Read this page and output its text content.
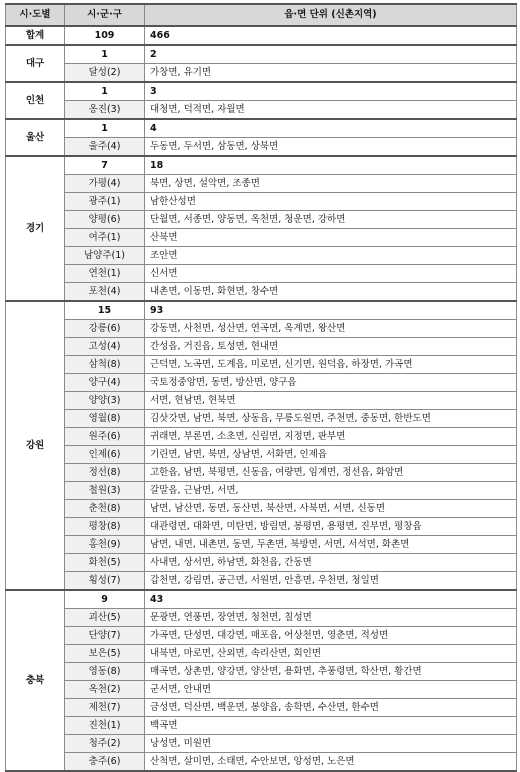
시·도별	시·군·구	읍·면 단위 (신촌지역)
합계	109	466
대구	1	2
	달성(2)	가창면, 유기면
인천	1	3
	옹진(3)	대청면, 덕적면, 자월면
울산	1	4
	울주(4)	두동면, 두서면, 삼동면, 상북면
경기	7	18
	가평(4)	북면, 상면, 설악면, 조종면
	광주(1)	남한산성면
	양평(6)	단월면, 서종면, 양동면, 옥천면, 청운면, 강하면
	여주(1)	산북면
	남양주(1)	조안면
	연천(1)	신서면
	포천(4)	내촌면, 이동면, 화현면, 창수면
강원	15	93
	강릉(6)	강동면, 사천면, 성산면, 연곡면, 옥계면, 왕산면
	고성(4)	간성읍, 거진읍, 토성면, 현내면
	삼척(8)	근덕면, 노곡면, 도계읍, 미로면, 신기면, 원덕읍, 하장면, 가곡면
	양구(4)	국토정중앙면, 동면, 방산면, 양구읍
	양양(3)	서면, 현남면, 현북면
	영월(8)	김삿갓면, 남면, 북면, 상동읍, 무릉도원면, 주천면, 중동면, 한반도면
	원주(6)	귀래면, 부론면, 소초면, 신림면, 지정면, 판부면
	인제(6)	기린면, 남면, 북면, 상남면, 서화면, 인제읍
	정선(8)	고한읍, 남면, 북평면, 신동읍, 여량면, 임계면, 정선읍, 화암면
	철원(3)	갈말읍, 근남면, 서면,
	춘천(8)	남면, 남산면, 동면, 동산면, 북산면, 사북면, 서면, 신동면
	평창(8)	대관령면, 대화면, 미탄면, 방림면, 봉평면, 용평면, 진부면, 평창읍
	홍천(9)	남면, 내면, 내촌면, 동면, 두촌면, 북방면, 서면, 서석면, 화촌면
	화천(5)	사내면, 상서면, 하남면, 화천읍, 간동면
	횡성(7)	갑천면, 강림면, 공근면, 서원면, 안흥면, 우천면, 청일면
충북	9	43
	괴산(5)	문광면, 연풍면, 장연면, 청천면, 칠성면
	단양(7)	가곡면, 단성면, 대강면, 매포읍, 어상천면, 영춘면, 적성면
	보은(5)	내북면, 마로면, 산외면, 속리산면, 회인면
	영동(8)	매곡면, 상촌면, 양강면, 양산면, 용화면, 추풍령면, 학산면, 황간면
	옥천(2)	군서면, 안내면
	제천(7)	금성면, 덕산면, 백운면, 봉양읍, 송학면, 수산면, 한수면
	진천(1)	백곡면
	청주(2)	낭성면, 미원면
	충주(6)	산척면, 살미면, 소태면, 수안보면, 앙성면, 노은면
